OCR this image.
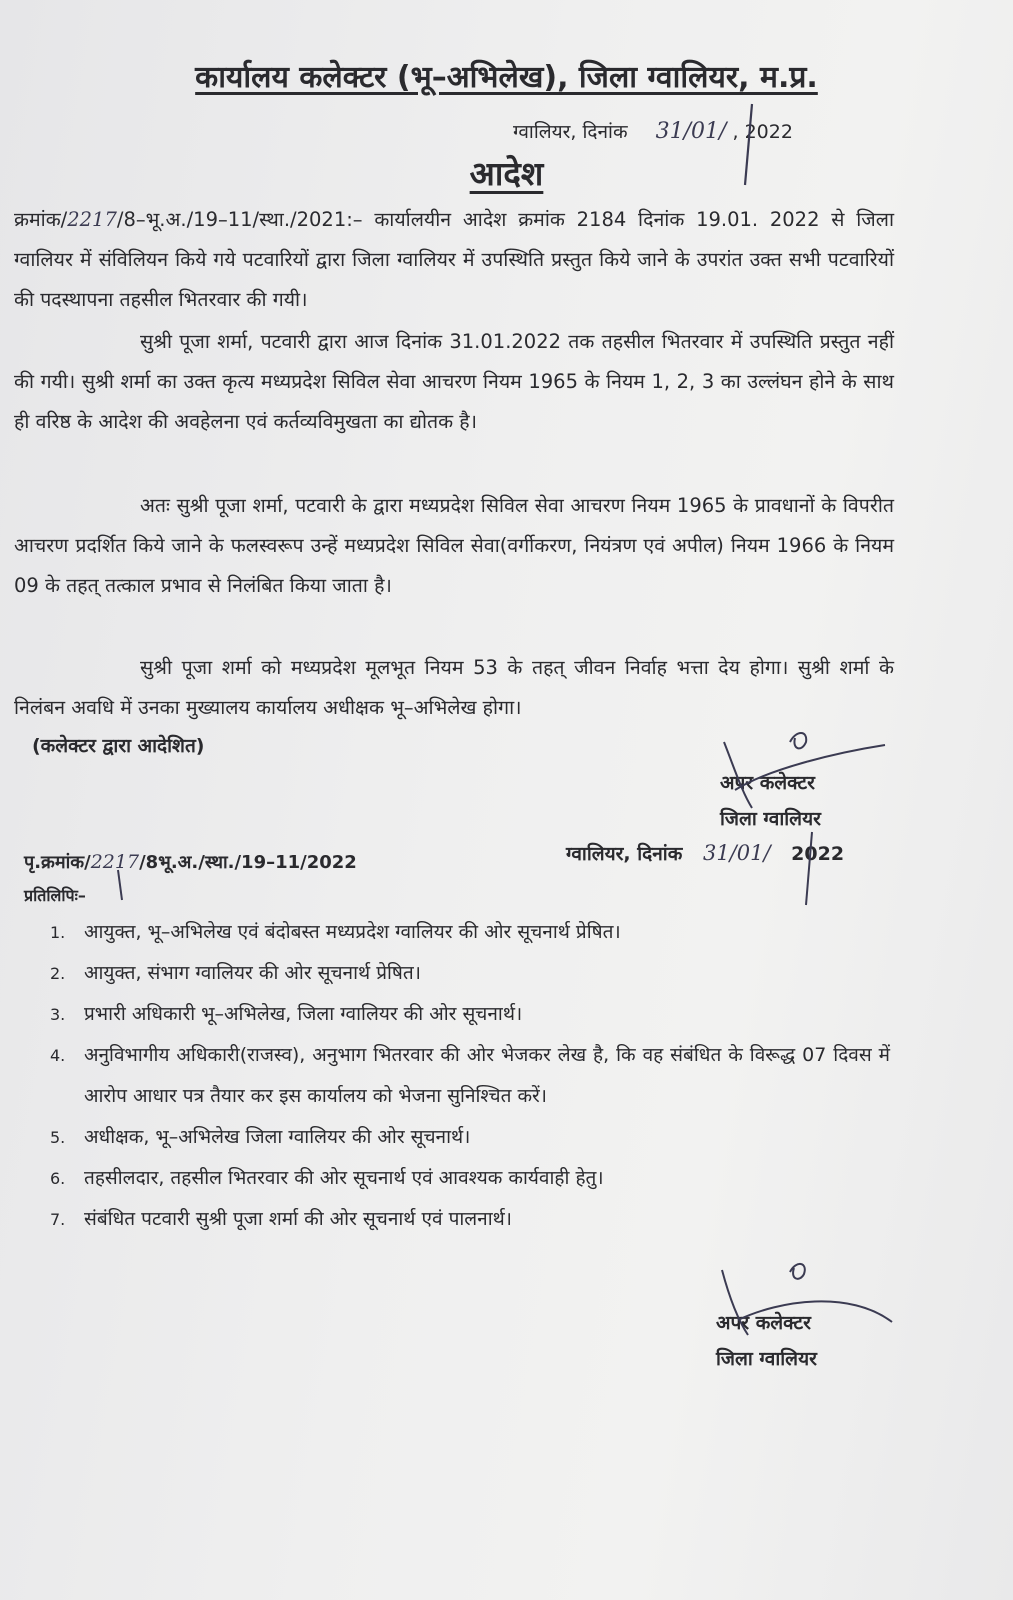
कार्यालय कलेक्टर (भू–अभिलेख), जिला ग्वालियर, म.प्र.
ग्वालियर, दिनांक 31/01/ , 2022
आदेश
क्रमांक/2217/8–भू.अ./19–11/स्था./2021:– कार्यालयीन आदेश क्रमांक 2184 दिनांक 19.01. 2022 से जिला ग्वालियर में संविलियन किये गये पटवारियों द्वारा जिला ग्वालियर में उपस्थिति प्रस्तुत किये जाने के उपरांत उक्त सभी पटवारियों की पदस्थापना तहसील भितरवार की गयी।
सुश्री पूजा शर्मा, पटवारी द्वारा आज दिनांक 31.01.2022 तक तहसील भितरवार में उपस्थिति प्रस्तुत नहीं की गयी। सुश्री शर्मा का उक्त कृत्य मध्यप्रदेश सिविल सेवा आचरण नियम 1965 के नियम 1, 2, 3 का उल्लंघन होने के साथ ही वरिष्ठ के आदेश की अवहेलना एवं कर्तव्यविमुखता का द्योतक है।
अतः सुश्री पूजा शर्मा, पटवारी के द्वारा मध्यप्रदेश सिविल सेवा आचरण नियम 1965 के प्रावधानों के विपरीत आचरण प्रदर्शित किये जाने के फलस्वरूप उन्हें मध्यप्रदेश सिविल सेवा(वर्गीकरण, नियंत्रण एवं अपील) नियम 1966 के नियम 09 के तहत् तत्काल प्रभाव से निलंबित किया जाता है।
सुश्री पूजा शर्मा को मध्यप्रदेश मूलभूत नियम 53 के तहत् जीवन निर्वाह भत्ता देय होगा। सुश्री शर्मा के निलंबन अवधि में उनका मुख्यालय कार्यालय अधीक्षक भू–अभिलेख होगा।
(कलेक्टर द्वारा आदेशित)
अपर कलेक्टर
जिला ग्वालियर
पृ.क्रमांक/2217/8भू.अ./स्था./19–11/2022	ग्वालियर, दिनांक 31/01/ 2022
प्रतिलिपिः–
1. आयुक्त, भू–अभिलेख एवं बंदोबस्त मध्यप्रदेश ग्वालियर की ओर सूचनार्थ प्रेषित।
2. आयुक्त, संभाग ग्वालियर की ओर सूचनार्थ प्रेषित।
3. प्रभारी अधिकारी भू–अभिलेख, जिला ग्वालियर की ओर सूचनार्थ।
4. अनुविभागीय अधिकारी(राजस्व), अनुभाग भितरवार की ओर भेजकर लेख है, कि वह संबंधित के विरूद्ध 07 दिवस में आरोप आधार पत्र तैयार कर इस कार्यालय को भेजना सुनिश्चित करें।
5. अधीक्षक, भू–अभिलेख जिला ग्वालियर की ओर सूचनार्थ।
6. तहसीलदार, तहसील भितरवार की ओर सूचनार्थ एवं आवश्यक कार्यवाही हेतु।
7. संबंधित पटवारी सुश्री पूजा शर्मा की ओर सूचनार्थ एवं पालनार्थ।
अपर कलेक्टर
जिला ग्वालियर
